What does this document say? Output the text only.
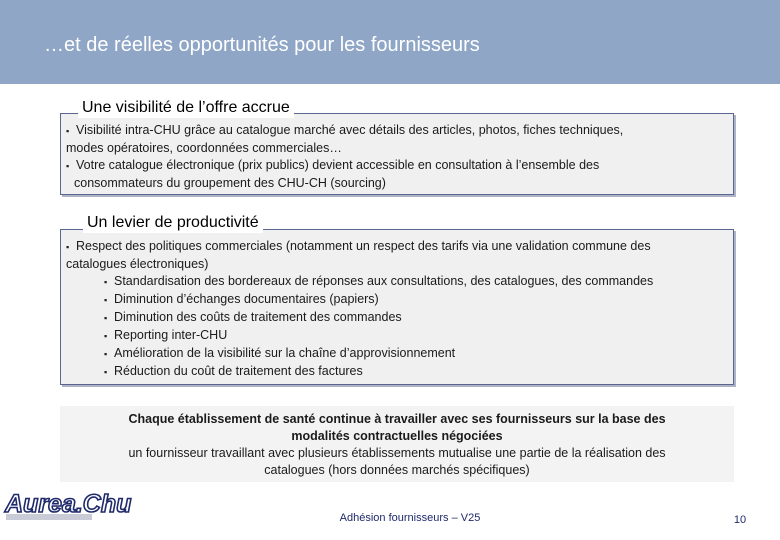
…et de réelles opportunités pour les fournisseurs
▪ Visibilité intra-CHU grâce au catalogue marché avec détails des articles, photos, fiches techniques,
modes opératoires, coordonnées commerciales…
▪ Votre catalogue électronique (prix publics) devient accessible en consultation à l’ensemble des
consommateurs du groupement des CHU-CH (sourcing)
Une visibilité de l’offre accrue
▪ Respect des politiques commerciales (notamment un respect des tarifs via une validation commune des
catalogues électroniques)
▪ Standardisation des bordereaux de réponses aux consultations, des catalogues, des commandes
▪ Diminution d’échanges documentaires (papiers)
▪ Diminution des coûts de traitement des commandes
▪ Reporting inter-CHU
▪ Amélioration de la visibilité sur la chaîne d’approvisionnement
▪ Réduction du coût de traitement des factures
Un levier de productivité
Chaque établissement de santé continue à travailler avec ses fournisseurs sur la base des
modalités contractuelles négociées
un fournisseur travaillant avec plusieurs établissements mutualise une partie de la réalisation des
catalogues (hors données marchés spécifiques)
Aurea.Chu	Adhésion fournisseurs – V25	10
